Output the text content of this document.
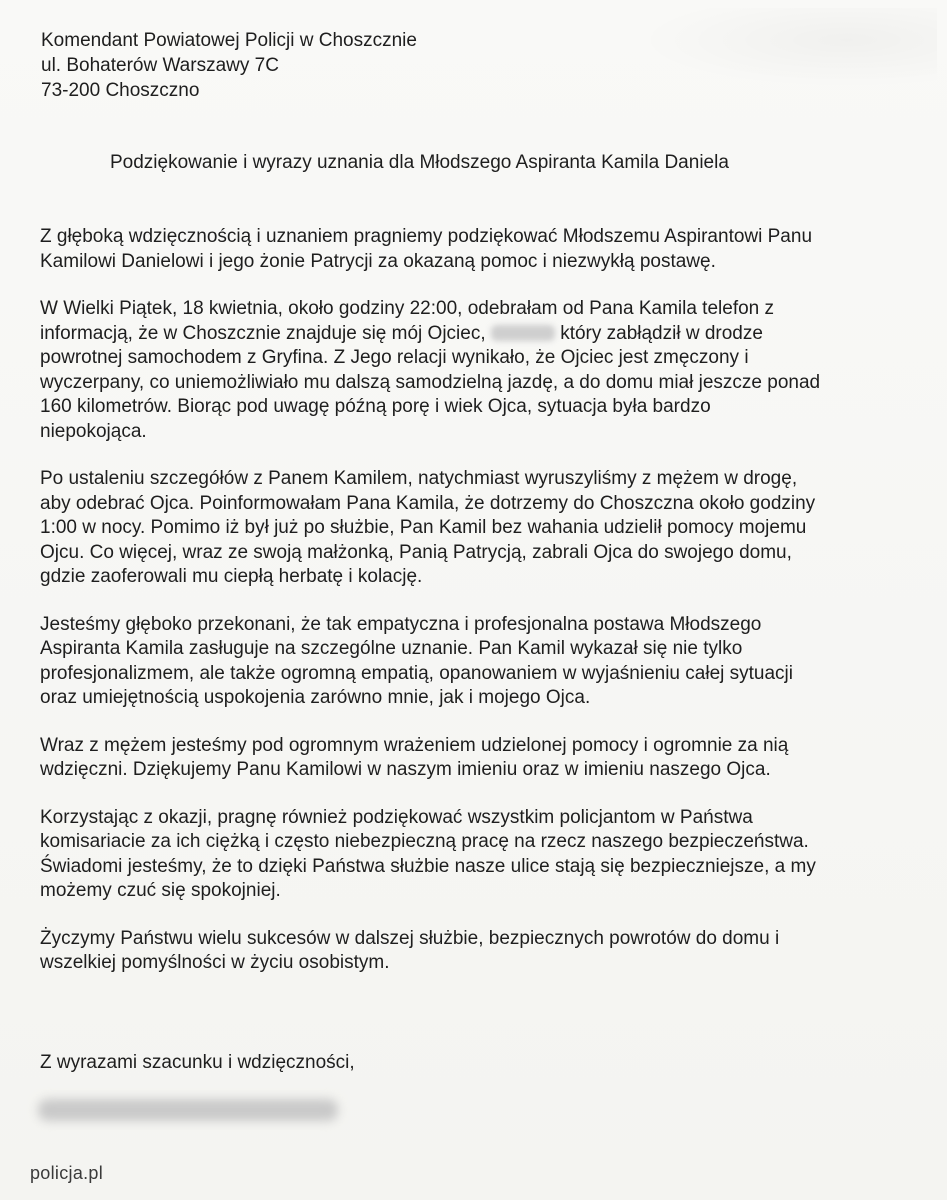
Komendant Powiatowej Policji w Choszcznie
ul. Bohaterów Warszawy 7C
73-200 Choszczno
Podziękowanie i wyrazy uznania dla Młodszego Aspiranta Kamila Daniela

Z głęboką wdzięcznością i uznaniem pragniemy podziękować Młodszemu Aspirantowi Panu
Kamilowi Danielowi i jego żonie Patrycji za okazaną pomoc i niezwykłą postawę.

W Wielki Piątek, 18 kwietnia, około godziny 22:00, odebrałam od Pana Kamila telefon z
informacją, że w Choszcznie znajduje się mój Ojciec,	który zabłądził w drodze
powrotnej samochodem z Gryfina. Z Jego relacji wynikało, że Ojciec jest zmęczony i
wyczerpany, co uniemożliwiało mu dalszą samodzielną jazdę, a do domu miał jeszcze ponad
160 kilometrów. Biorąc pod uwagę późną porę i wiek Ojca, sytuacja była bardzo
niepokojąca.

Po ustaleniu szczegółów z Panem Kamilem, natychmiast wyruszyliśmy z mężem w drogę,
aby odebrać Ojca. Poinformowałam Pana Kamila, że dotrzemy do Choszczna około godziny
1:00 w nocy. Pomimo iż był już po służbie, Pan Kamil bez wahania udzielił pomocy mojemu
Ojcu. Co więcej, wraz ze swoją małżonką, Panią Patrycją, zabrali Ojca do swojego domu,
gdzie zaoferowali mu ciepłą herbatę i kolację.

Jesteśmy głęboko przekonani, że tak empatyczna i profesjonalna postawa Młodszego
Aspiranta Kamila zasługuje na szczególne uznanie. Pan Kamil wykazał się nie tylko
profesjonalizmem, ale także ogromną empatią, opanowaniem w wyjaśnieniu całej sytuacji
oraz umiejętnością uspokojenia zarówno mnie, jak i mojego Ojca.

Wraz z mężem jesteśmy pod ogromnym wrażeniem udzielonej pomocy i ogromnie za nią
wdzięczni. Dziękujemy Panu Kamilowi w naszym imieniu oraz w imieniu naszego Ojca.

Korzystając z okazji, pragnę również podziękować wszystkim policjantom w Państwa
komisariacie za ich ciężką i często niebezpieczną pracę na rzecz naszego bezpieczeństwa.
Świadomi jesteśmy, że to dzięki Państwa służbie nasze ulice stają się bezpieczniejsze, a my
możemy czuć się spokojniej.

Życzymy Państwu wielu sukcesów w dalszej służbie, bezpiecznych powrotów do domu i
wszelkiej pomyślności w życiu osobistym.

Z wyrazami szacunku i wdzięczności,
policja.pl
